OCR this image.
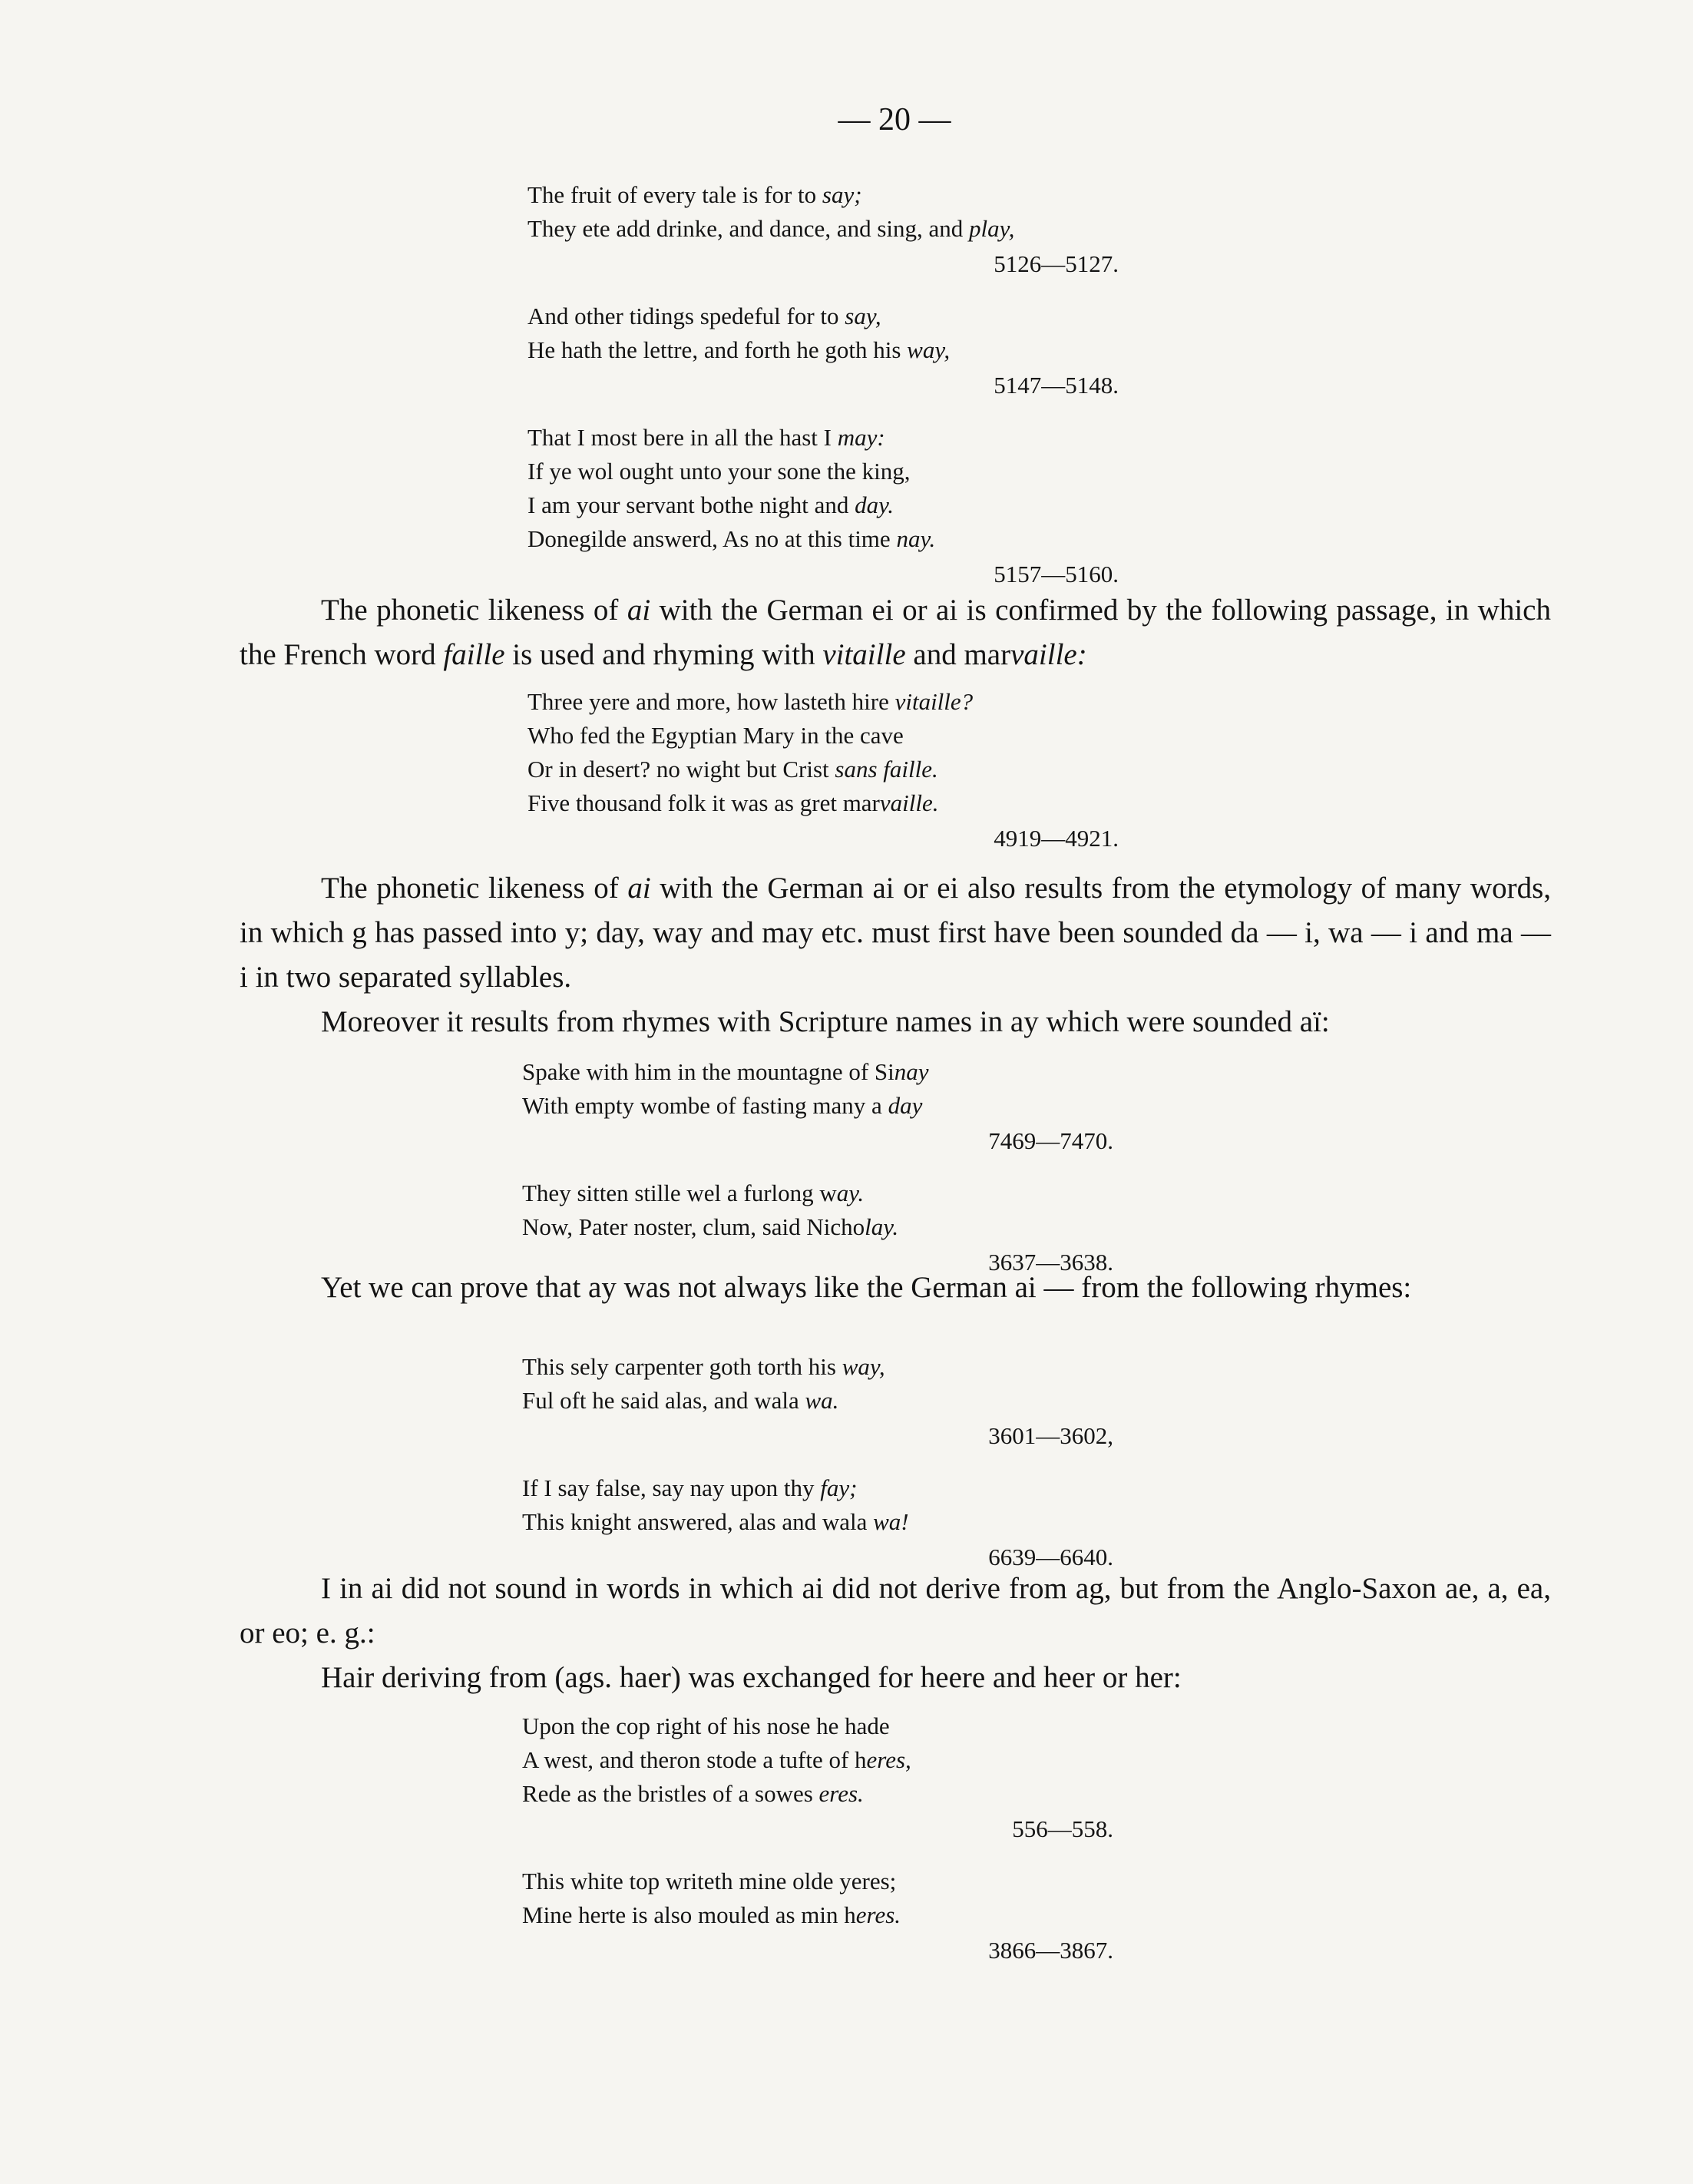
— 20 —
The fruit of every tale is for to say;
They ete add drinke, and dance, and sing, and play,
5126—5127.
And other tidings spedeful for to say,
He hath the lettre, and forth he goth his way,
5147—5148.
That I most bere in all the hast I may:
If ye wol ought unto your sone the king,
I am your servant bothe night and day.
Donegilde answerd, As no at this time nay.
5157—5160.

The phonetic likeness of ai with the German ei or ai is confirmed by the following passage, in which the French word faille is used and rhyming with vitaille and marvaille:

Three yere and more, how lasteth hire vitaille?
Who fed the Egyptian Mary in the cave
Or in desert? no wight but Crist sans faille.
Five thousand folk it was as gret marvaille.
4919—4921.

The phonetic likeness of ai with the German ai or ei also results from the etymology of many words, in which g has passed into y; day, way and may etc. must first have been sounded da — i, wa — i and ma — i in two separated syllables.

Moreover it results from rhymes with Scripture names in ay which were sounded aï:

Spake with him in the mountagne of Sinay
With empty wombe of fasting many a day
7469—7470.
They sitten stille wel a furlong way.
Now, Pater noster, clum, said Nicholay.
3637—3638.

Yet we can prove that ay was not always like the German ai — from the following rhymes:

This sely carpenter goth torth his way,
Ful oft he said alas, and wala wa.
3601—3602,
If I say false, say nay upon thy fay;
This knight answered, alas and wala wa!
6639—6640.

I in ai did not sound in words in which ai did not derive from ag, but from the Anglo-Saxon ae, a, ea, or eo; e. g.:

Hair deriving from (ags. haer) was exchanged for heere and heer or her:

Upon the cop right of his nose he hade
A west, and theron stode a tufte of heres,
Rede as the bristles of a sowes eres.
556—558.
This white top writeth mine olde yeres;
Mine herte is also mouled as min heres.
3866—3867.
